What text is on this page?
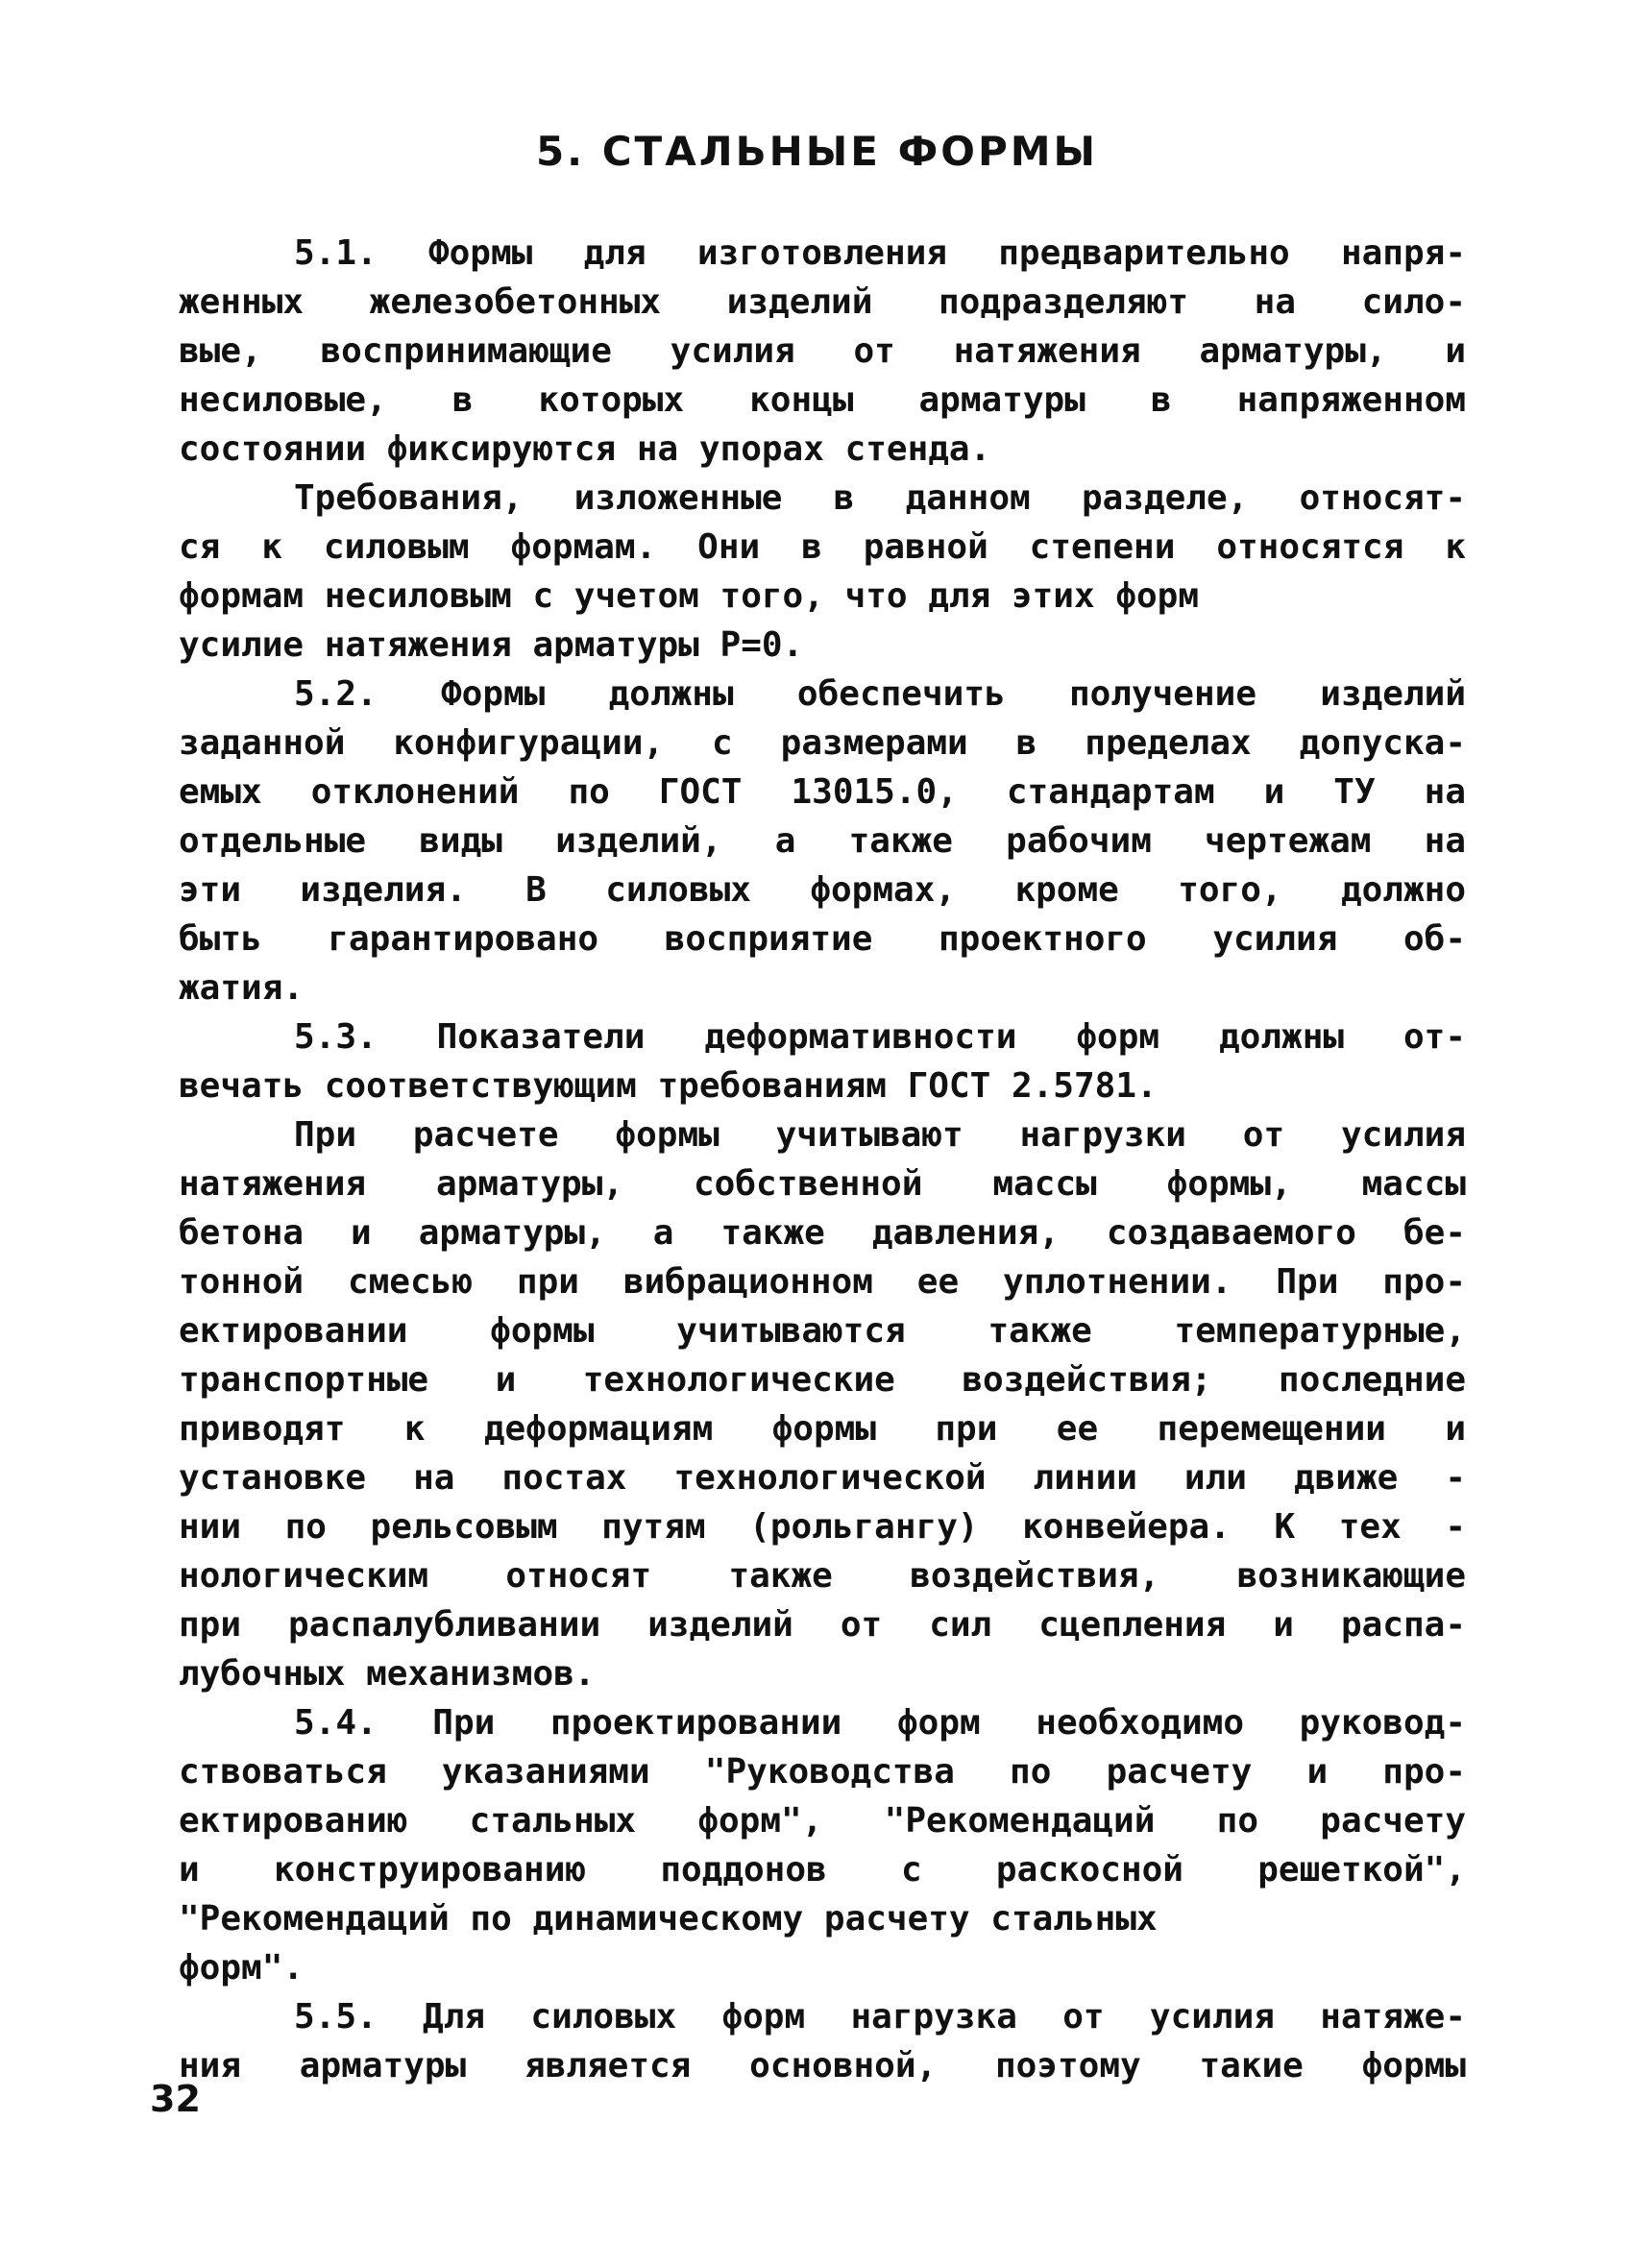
5. СТАЛЬНЫЕ ФОРМЫ
5.1. Формы для изготовления предварительно напря-
женных железобетонных изделий подразделяют на сило-
вые, воспринимающие усилия от натяжения арматуры, и
несиловые, в которых концы арматуры в напряженном
состоянии фиксируются на упорах стенда.
Требования, изложенные в данном разделе, относят-
ся к силовым формам. Они в равной степени относятся к
формам несиловым с учетом того, что для этих форм
усилие натяжения арматуры P=0.
5.2. Формы должны обеспечить получение изделий
заданной конфигурации, с размерами в пределах допуска-
емых отклонений по ГОСТ 13015.0, стандартам и ТУ на
отдельные виды изделий, а также рабочим чертежам на
эти изделия. В силовых формах, кроме того, должно
быть гарантировано восприятие проектного усилия об-
жатия.
5.3. Показатели деформативности форм должны от-
вечать соответствующим требованиям ГОСТ 2.5781.
При расчете формы учитывают нагрузки от усилия
натяжения арматуры, собственной массы формы, массы
бетона и арматуры, а также давления, создаваемого бе-
тонной смесью при вибрационном ее уплотнении. При про-
ектировании формы учитываются также температурные,
транспортные и технологические воздействия; последние
приводят к деформациям формы при ее перемещении и
установке на постах технологической линии или движе -
нии по рельсовым путям (рольгангу) конвейера. К тех -
нологическим относят также воздействия, возникающие
при распалубливании изделий от сил сцепления и распа-
лубочных механизмов.
5.4. При проектировании форм необходимо руковод-
ствоваться указаниями "Руководства по расчету и про-
ектированию стальных форм", "Рекомендаций по расчету
и конструированию поддонов с раскосной решеткой",
"Рекомендаций по динамическому расчету стальных
форм".
5.5. Для силовых форм нагрузка от усилия натяже-
ния арматуры является основной, поэтому такие формы
32
